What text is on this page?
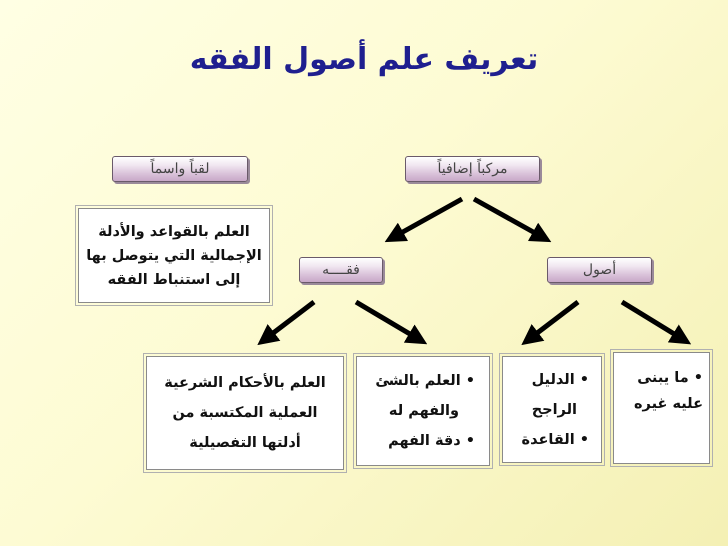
تعريف علم أصول الفقه
لقباً واسماً	مركباً إضافياً
فقــــه	أصول
العلم بالقواعد والأدلة
الإجمالية التي يتوصل بها
إلى استنباط الفقه
العلم بالأحكام الشرعية
العملية المكتسبة من
أدلتها التفصيلية
• العلم بالشئ
والفهم له
• دقة الفهم
• الدليل
الراجح
• القاعدة
• ما يبنى
عليه غيره
